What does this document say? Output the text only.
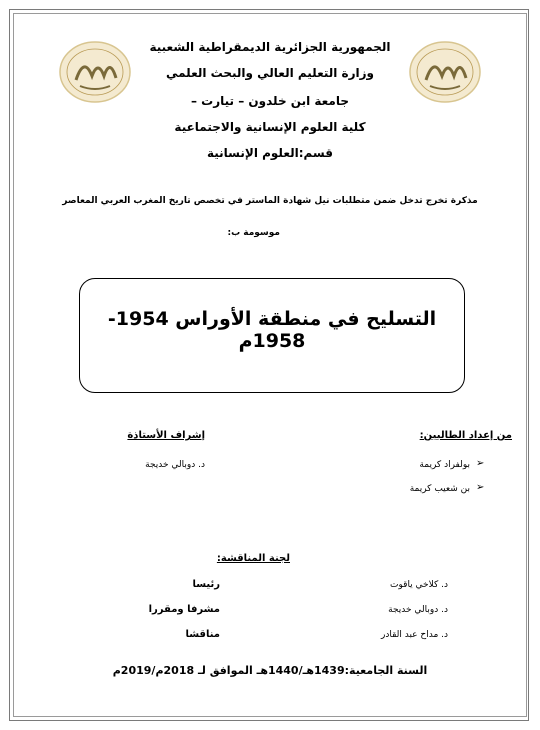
الجمهورية الجزائرية الديمقراطية الشعبية
وزارة التعليم العالي والبحث العلمي
جامعة ابن خلدون – تيارت –
كلية العلوم الإنسانية والاجتماعية
قسم:العلوم الإنسانية
مذكرة تخرج تدخل ضمن متطلبات نيل شهادة الماستر في تخصص تاريخ المغرب العربي المعاصر
موسومة ب:
التسليح في منطقة الأوراس 1954-1958م
من إعداد الطالبين:
إشراف الأستاذة
➢
بولفراد كريمة
➢
بن شعيب كريمة
د. دوبالي خديجة
لجنة المناقشة:
د. كلاخي ياقوت
رئيسا
د. دوبالي خديجة
مشرفا ومقررا
د. مداح عبد القادر
مناقشا
السنة الجامعية:1439هـ/1440هـ الموافق لـ 2018م/2019م
